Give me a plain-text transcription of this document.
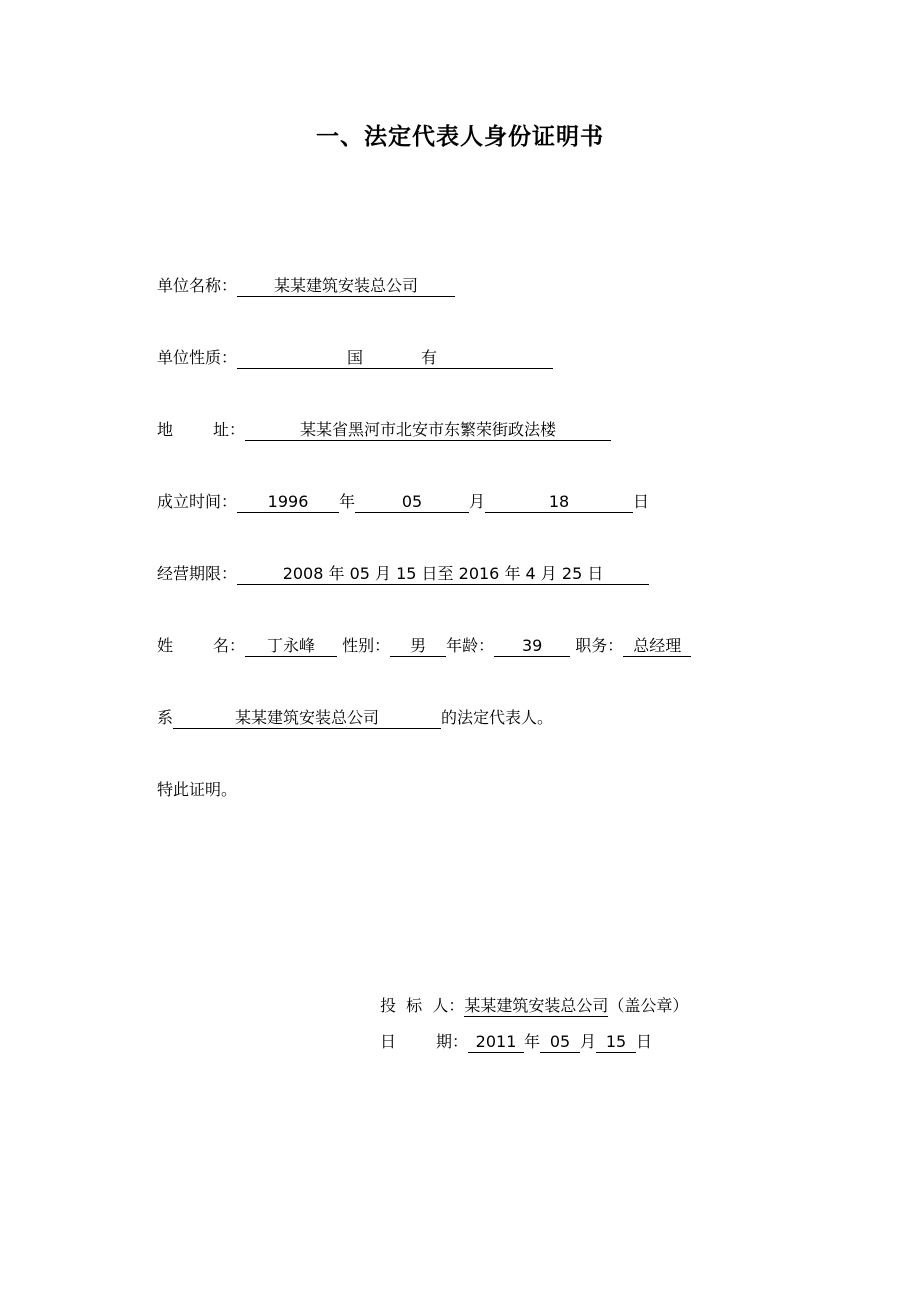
一、法定代表人身份证明书
单位名称： 某某建筑安装总公司
单位性质：	国	有
地 址：	某某省黑河市北安市东繁荣街政法楼
成立时间： 1996 年	05	月	18	日
经营期限：	2008 年 05 月 15 日至 2016 年 4 月 25 日
姓 名： 丁永峰 性别： 男 年龄： 39 职务： 总经理
系	某某建筑安装总公司	的法定代表人。
特此证明。
投  标  人：某某建筑安装总公司（盖公章）
日 期： 2011 年 05 月 15 日
